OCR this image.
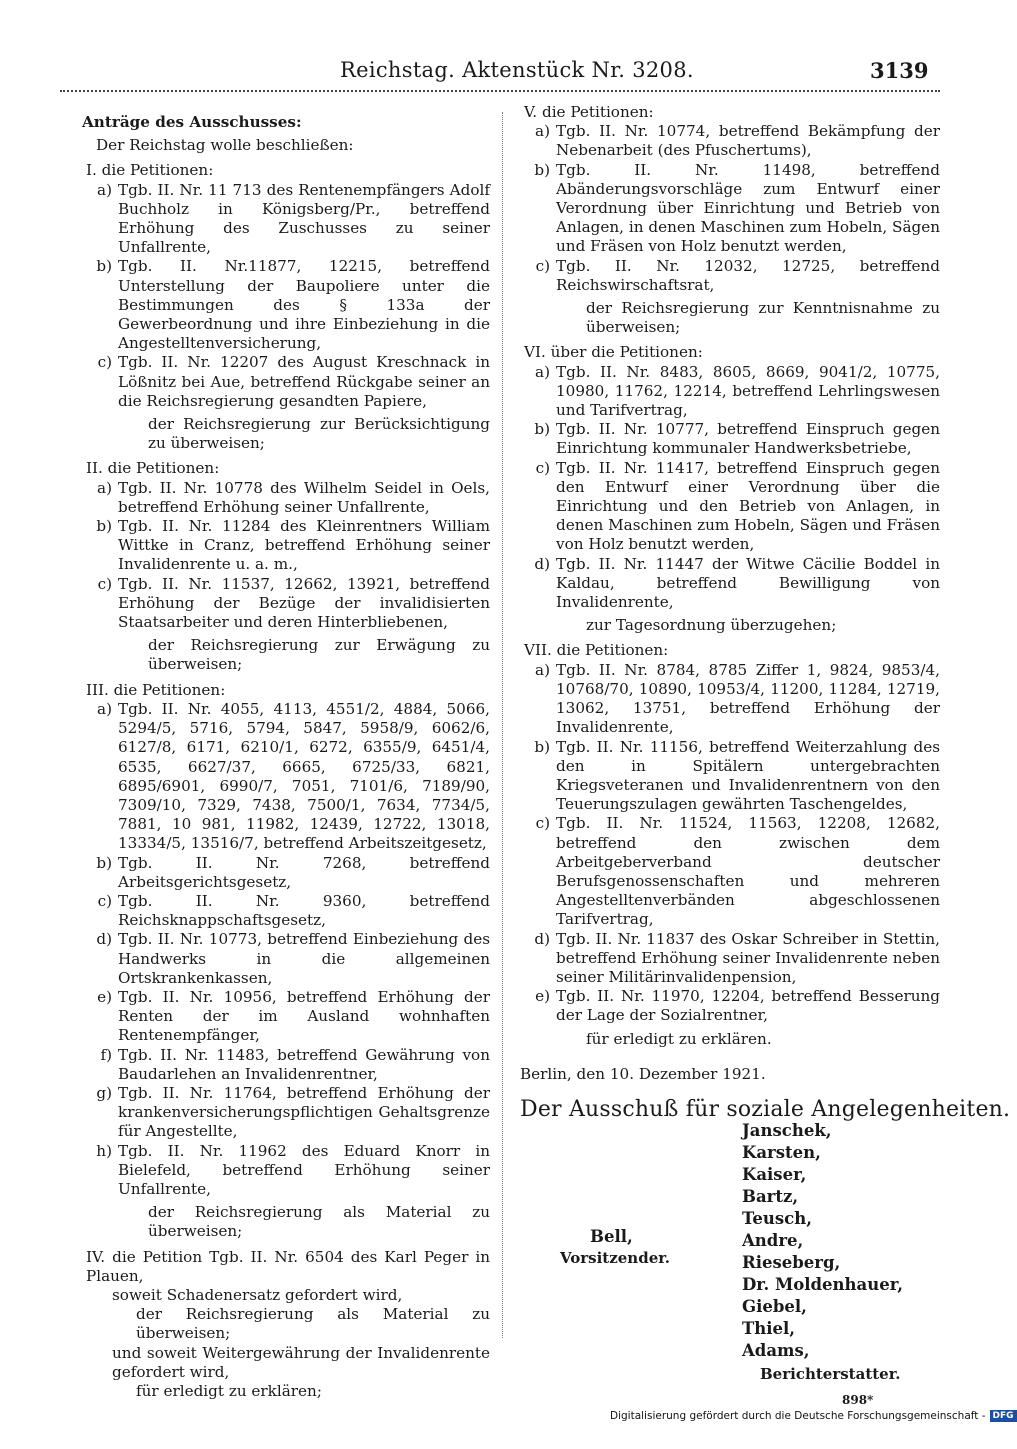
Reichstag. Aktenstück Nr. 3208.	3139

Anträge des Ausschusses:

Der Reichstag wolle beschließen:

I. die Petitionen:

a) Tgb. II. Nr. 11 713 des Rentenempfängers Adolf Buchholz in Königsberg/Pr., betreffend Erhöhung des Zuschusses zu seiner Unfallrente,
b) Tgb. II. Nr.11877, 12215, betreffend Unterstellung der Baupoliere unter die Bestimmungen des § 133a der Gewerbeordnung und ihre Einbeziehung in die Angestelltenversicherung,
c) Tgb. II. Nr. 12207 des August Kreschnack in Lößnitz bei Aue, betreffend Rückgabe seiner an die Reichsregierung gesandten Papiere,

der Reichsregierung zur Berücksichtigung zu überweisen;

II. die Petitionen:

a) Tgb. II. Nr. 10778 des Wilhelm Seidel in Oels, betreffend Erhöhung seiner Unfallrente,
b) Tgb. II. Nr. 11284 des Kleinrentners William Wittke in Cranz, betreffend Erhöhung seiner Invalidenrente u. a. m.,
c) Tgb. II. Nr. 11537, 12662, 13921, betreffend Erhöhung der Bezüge der invalidisierten Staatsarbeiter und deren Hinterbliebenen,

der Reichsregierung zur Erwägung zu überweisen;

III. die Petitionen:

a) Tgb. II. Nr. 4055, 4113, 4551/2, 4884, 5066, 5294/5, 5716, 5794, 5847, 5958/9, 6062/6, 6127/8, 6171, 6210/1, 6272, 6355/9, 6451/4, 6535, 6627/37, 6665, 6725/33, 6821, 6895/6901, 6990/7, 7051, 7101/6, 7189/90, 7309/10, 7329, 7438, 7500/1, 7634, 7734/5, 7881, 10 981, 11982, 12439, 12722, 13018, 13334/5, 13516/7, betreffend Arbeitszeitgesetz,
b) Tgb. II. Nr. 7268, betreffend Arbeitsgerichtsgesetz,
c) Tgb. II. Nr. 9360, betreffend Reichsknappschaftsgesetz,
d) Tgb. II. Nr. 10773, betreffend Einbeziehung des Handwerks in die allgemeinen Ortskrankenkassen,
e) Tgb. II. Nr. 10956, betreffend Erhöhung der Renten der im Ausland wohnhaften Rentenempfänger,
f) Tgb. II. Nr. 11483, betreffend Gewährung von Baudarlehen an Invalidenrentner,
g) Tgb. II. Nr. 11764, betreffend Erhöhung der krankenversicherungspflichtigen Gehaltsgrenze für Angestellte,
h) Tgb. II. Nr. 11962 des Eduard Knorr in Bielefeld, betreffend Erhöhung seiner Unfallrente,

der Reichsregierung als Material zu überweisen;

IV. die Petition Tgb. II. Nr. 6504 des Karl Peger in Plauen,

soweit Schadenersatz gefordert wird,

der Reichsregierung als Material zu überweisen;

und soweit Weitergewährung der Invalidenrente gefordert wird,

für erledigt zu erklären;

V. die Petitionen:

a) Tgb. II. Nr. 10774, betreffend Bekämpfung der Nebenarbeit (des Pfuschertums),
b) Tgb. II. Nr. 11498, betreffend Abänderungsvorschläge zum Entwurf einer Verordnung über Einrichtung und Betrieb von Anlagen, in denen Maschinen zum Hobeln, Sägen und Fräsen von Holz benutzt werden,
c) Tgb. II. Nr. 12032, 12725, betreffend Reichswirschaftsrat,

der Reichsregierung zur Kenntnisnahme zu überweisen;

VI. über die Petitionen:

a) Tgb. II. Nr. 8483, 8605, 8669, 9041/2, 10775, 10980, 11762, 12214, betreffend Lehrlingswesen und Tarifvertrag,
b) Tgb. II. Nr. 10777, betreffend Einspruch gegen Einrichtung kommunaler Handwerksbetriebe,
c) Tgb. II. Nr. 11417, betreffend Einspruch gegen den Entwurf einer Verordnung über die Einrichtung und den Betrieb von Anlagen, in denen Maschinen zum Hobeln, Sägen und Fräsen von Holz benutzt werden,
d) Tgb. II. Nr. 11447 der Witwe Cäcilie Boddel in Kaldau, betreffend Bewilligung von Invalidenrente,

zur Tagesordnung überzugehen;

VII. die Petitionen:

a) Tgb. II. Nr. 8784, 8785 Ziffer 1, 9824, 9853/4, 10768/70, 10890, 10953/4, 11200, 11284, 12719, 13062, 13751, betreffend Erhöhung der Invalidenrente,
b) Tgb. II. Nr. 11156, betreffend Weiterzahlung des den in Spitälern untergebrachten Kriegsveteranen und Invalidenrentnern von den Teuerungszulagen gewährten Taschengeldes,
c) Tgb. II. Nr. 11524, 11563, 12208, 12682, betreffend den zwischen dem Arbeitgeberverband deutscher Berufsgenossenschaften und mehreren Angestelltenverbänden abgeschlossenen Tarifvertrag,
d) Tgb. II. Nr. 11837 des Oskar Schreiber in Stettin, betreffend Erhöhung seiner Invalidenrente neben seiner Militärinvalidenpension,
e) Tgb. II. Nr. 11970, 12204, betreffend Besserung der Lage der Sozialrentner,

für erledigt zu erklären.

Berlin, den 10. Dezember 1921.

Der Ausschuß für soziale Angelegenheiten.

Janschek,
Karsten,
Kaiser,
Bartz,
Teusch,
Andre,
Rieseberg,
Dr. Moldenhauer,
Giebel,
Thiel,
Adams,
Bell,
Vorsitzender.
Berichterstatter.
898*
Digitalisierung gefördert durch die Deutsche Forschungsgemeinschaft - DFG
